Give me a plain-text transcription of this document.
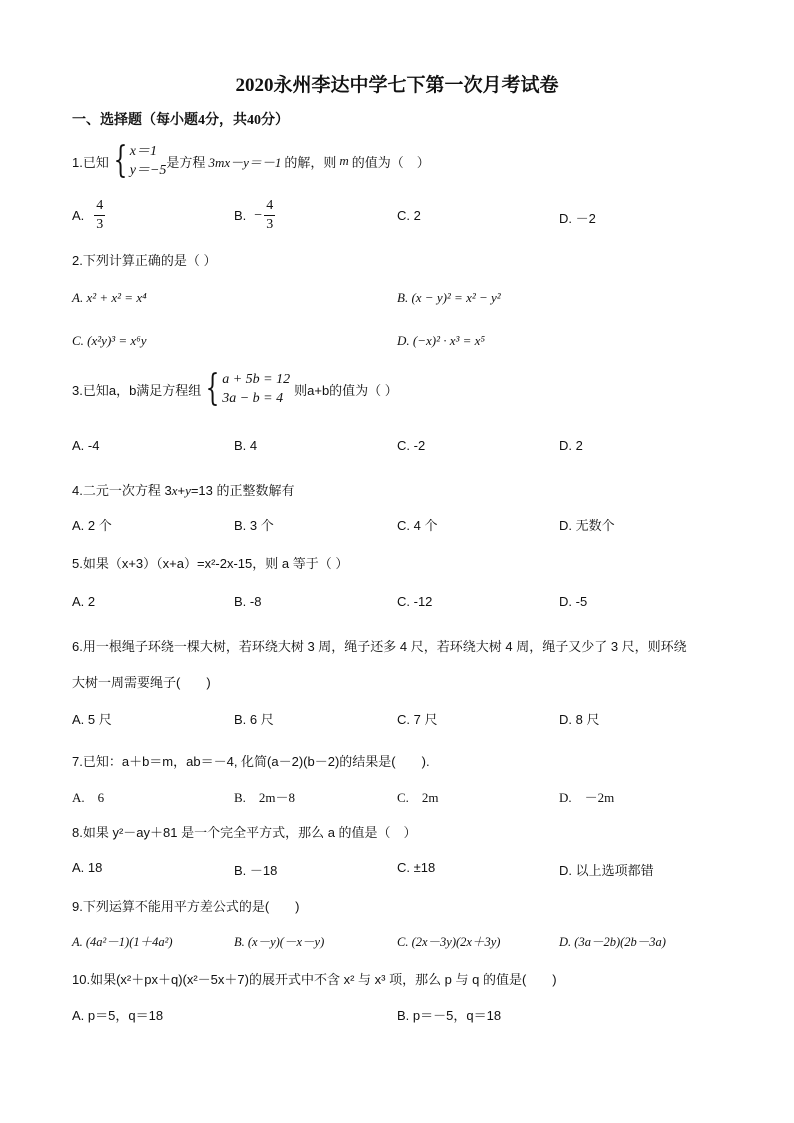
2020永州李达中学七下第一次月考试卷
一、选择题（每小题4分，共40分）
1.已知 { x＝1
y＝−5
是方程 3mx－y＝－1 的解，则 m 的值为（　）
A. $\frac{4}{3}$	B. − $\frac{4}{3}$	C. 2	D. －2
2.下列计算正确的是（ ）
A. x² + x² = x⁴	B. (x − y)² = x² − y²
C. (x²y)³ = x⁶y	D. (−x)² · x³ = x⁵
3.已知a，b满足方程组 { a + 5b = 12
3a − b = 4
则a+b的值为（ ）
A. -4	B. 4	C. -2	D. 2
4.二元一次方程 3x+y=13 的正整数解有
A. 2 个	B. 3 个	C. 4 个	D. 无数个
5.如果（x+3）（x+a）=x²-2x-15，则 a 等于（ ）
A. 2	B. -8	C. -12	D. -5
6.用一根绳子环绕一棵大树，若环绕大树 3 周，绳子还多 4 尺，若环绕大树 4 周，绳子又少了 3 尺，则环绕
大树一周需要绳子(　　)
A. 5 尺	B. 6 尺	C. 7 尺	D. 8 尺
7.已知：a＋b＝m，ab＝－4, 化简(a－2)(b－2)的结果是(　　).
A.　6	B.　2m－8	C.　2m	D.　－2m
8.如果 y²－ay＋81 是一个完全平方式，那么 a 的值是（　）
A. 18	B. －18	C. ±18	D. 以上选项都错
9.下列运算不能用平方差公式的是(　　)
A. (4a²－1)(1＋4a²)	B. (x－y)(－x－y)	C. (2x－3y)(2x＋3y)	D. (3a－2b)(2b－3a)
10.如果(x²＋px＋q)(x²－5x＋7)的展开式中不含 x² 与 x³ 项，那么 p 与 q 的值是(　　)
A. p＝5，q＝18	B. p＝－5，q＝18
